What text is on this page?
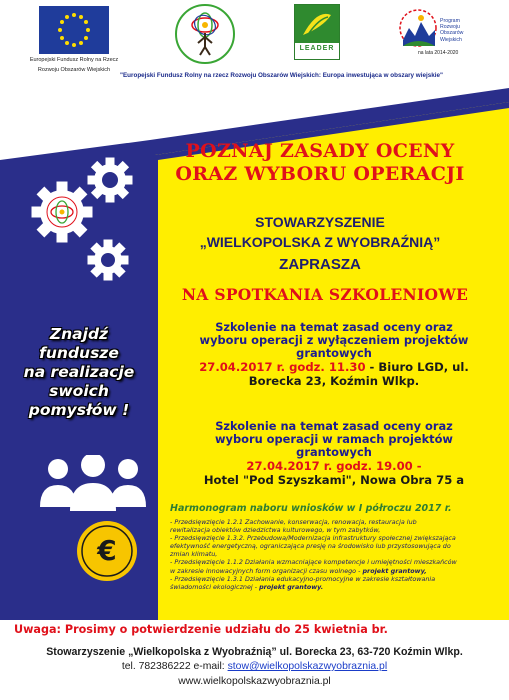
Europejski Fundusz Rolny na Rzecz
Rozwoju Obszarów Wiejskich
LEADER
Program
Rozwoju
Obszarów
Wiejskich
na lata 2014-2020
"Europejski Fundusz Rolny na rzecz Rozwoju Obszarów Wiejskich: Europa inwestująca w obszary wiejskie"
Znajdź
fundusze
na realizacje
swoich
pomysłów !
€
POZNAJ ZASADY OCENY
ORAZ WYBORU OPERACJI
STOWARZYSZENIE
„WIELKOPOLSKA Z WYOBRAŹNIĄ”
ZAPRASZA
NA SPOTKANIA SZKOLENIOWE
Szkolenie na temat zasad oceny oraz
wyboru operacji z wyłączeniem projektów
grantowych
27.04.2017 r. godz. 11.30 - Biuro LGD, ul.
Borecka 23, Koźmin Wlkp.
Szkolenie na temat zasad oceny oraz
wyboru operacji w ramach projektów
grantowych
27.04.2017 r. godz. 19.00 -
Hotel "Pod Szyszkami", Nowa Obra 75 a
Harmonogram naboru wniosków w I półroczu 2017 r.
- Przedsięwzięcie 1.2.1 Zachowanie, konserwacja, renowacja, restauracja lub
rewitalizacja obiektów dziedzictwa kulturowego, w tym zabytków,
- Przedsięwzięcie 1.3.2. Przebudowa/Modernizacja infrastruktury społecznej zwiększająca
efektywność energetyczną, ograniczająca presję na środowisko lub przystosowująca do
zmian klimatu,
- Przedsięwzięcie 1.1.2 Działania wzmacniające kompetencje i umiejętności mieszkańców
w zakresie innowacyjnych form organizacji czasu wolnego - projekt grantowy,
- Przedsięwzięcie 1.3.1 Działania edukacyjno-promocyjne w zakresie kształtowania
świadomości ekologicznej - projekt grantowy.
Uwaga: Prosimy o potwierdzenie udziału do 25 kwietnia br.
Stowarzyszenie „Wielkopolska z Wyobraźnią” ul. Borecka 23, 63-720 Koźmin Wlkp.
tel. 782386222 e-mail: stow@wielkopolskazwyobraznia.pl
www.wielkopolskazwyobraznia.pl
